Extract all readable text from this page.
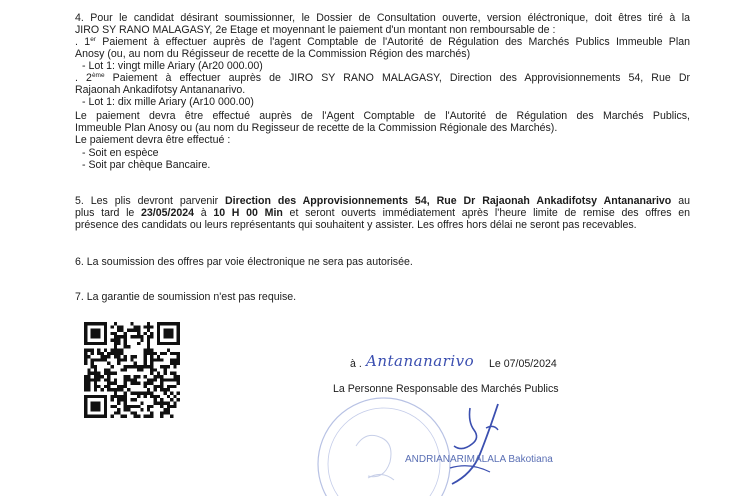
4. Pour le candidat désirant soumissionner, le Dossier de Consultation ouverte, version éléctronique, doit êtres tiré à la
JIRO SY RANO MALAGASY, 2e Etage et moyennant le paiement d'un montant non remboursable de :
. 1er Paiement à effectuer auprès de l'agent Comptable de l'Autorité de Régulation des Marchés Publics Immeuble Plan
Anosy (ou, au nom du Régisseur de recette de la Commission Région des marchés)
- Lot 1: vingt mille Ariary (Ar20 000.00)
. 2ème Paiement à effectuer auprès de JIRO SY RANO MALAGASY, Direction des Approvisionnements 54, Rue Dr
Rajaonah Ankadifotsy Antananarivo.
- Lot 1: dix mille Ariary (Ar10 000.00)
Le paiement devra être effectué auprès de l'Agent Comptable de l'Autorité de Régulation des Marchés Publics,
Immeuble Plan Anosy ou (au nom du Regisseur de recette de la Commission Régionale des Marchés).
Le paiement devra être effectué :
- Soit en espèce
- Soit par chèque Bancaire.
5. Les plis devront parvenir Direction des Approvisionnements 54, Rue Dr Rajaonah Ankadifotsy Antananarivo au
plus tard le 23/05/2024 à 10 H 00 Min et seront ouverts immédiatement après l'heure limite de remise des offres en
présence des candidats ou leurs représentants qui souhaitent y assister. Les offres hors délai ne seront pas recevables.
6. La soumission des offres par voie électronique ne sera pas autorisée.
7. La garantie de soumission n'est pas requise.
à . Antananarivo Le 07/05/2024
La Personne Responsable des Marchés Publics
ANDRIANARIMALALA Bakotiana
